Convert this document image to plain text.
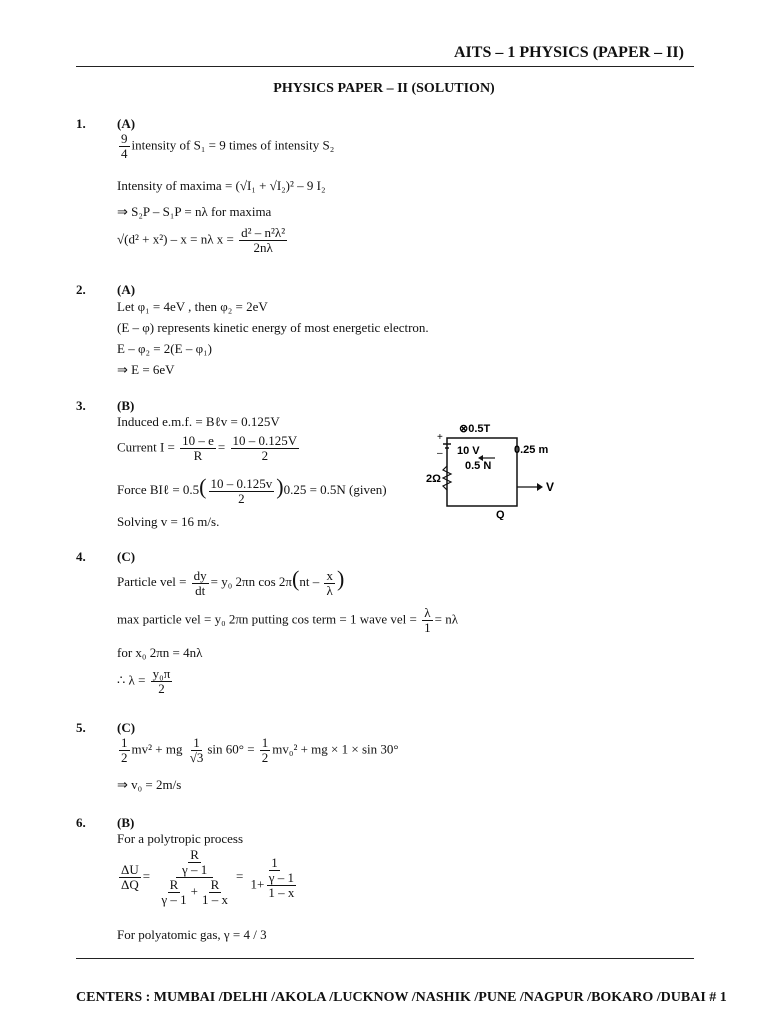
AITS – 1 PHYSICS (PAPER – II)
PHYSICS PAPER – II (SOLUTION)
1. (A)
$\frac{9}{4}$ intensity of S₁ = 9 times of intensity S₂
Intensity of maxima = (√I₁ + √I₂)² – 9 I₂
⇒ S₂P – S₁P = nλ for maxima
√(d² + x²) – x = nλ $x = \frac{\text{d² – n²λ²}}{2n\lambda}$
2. (A)
Let φ₁ = 4eV , then φ₂ = 2eV
(E – φ) represents kinetic energy of most energetic electron.
E – φ₂ = 2(E – φ₁)
⇒ E = 6eV
3. (B)
Induced e.m.f. = Bℓv = 0.125V
Current $I = \frac{10 - e}{R} = \frac{10 - 0.125V}{2}$
Force BIℓ = $0.5( \frac{10 - 0.125v}{2} )0.25 = 0.5N$ (given)
Solving v = 16 m/s.
⊗0.5T
+
– 10 V	0.25 m
0.5 N
2Ω
V
Q
4. (C)
Particle vel = $\frac{dy}{dt} = y_0$ 2πn $\cos 2\pi(nt - \frac{x}{\lambda}$ )
max particle vel = y₀ 2πn putting cos term = 1 wave vel = $\frac{\lambda}{1} = n\lambda$
for x₀ 2πn = 4nλ
∴ $\lambda = \frac{\text{y₀π}}{2}$
5. (C)
$\frac{1}{2} mv^2$ + mg $\frac{1}{√3}$ $\sin 60^\circ = \frac{1}{2} mv_0^2$ + mg × 1 × sin 30°
⇒ v₀ = 2m/s
6. (B)
For a polytropic process
$\frac{\Delta U}{\Delta Q} = \frac{\frac{R}{\gamma - 1}}{\frac{R}{\gamma - 1} + \frac{R}{1 - x}} = \frac{1}{1+ \frac{\gamma - 1}{1 - x}}$
For polyatomic gas, γ = 4 / 3
CENTERS : MUMBAI /DELHI /AKOLA /LUCKNOW /NASHIK /PUNE /NAGPUR /BOKARO /DUBAI # 1
